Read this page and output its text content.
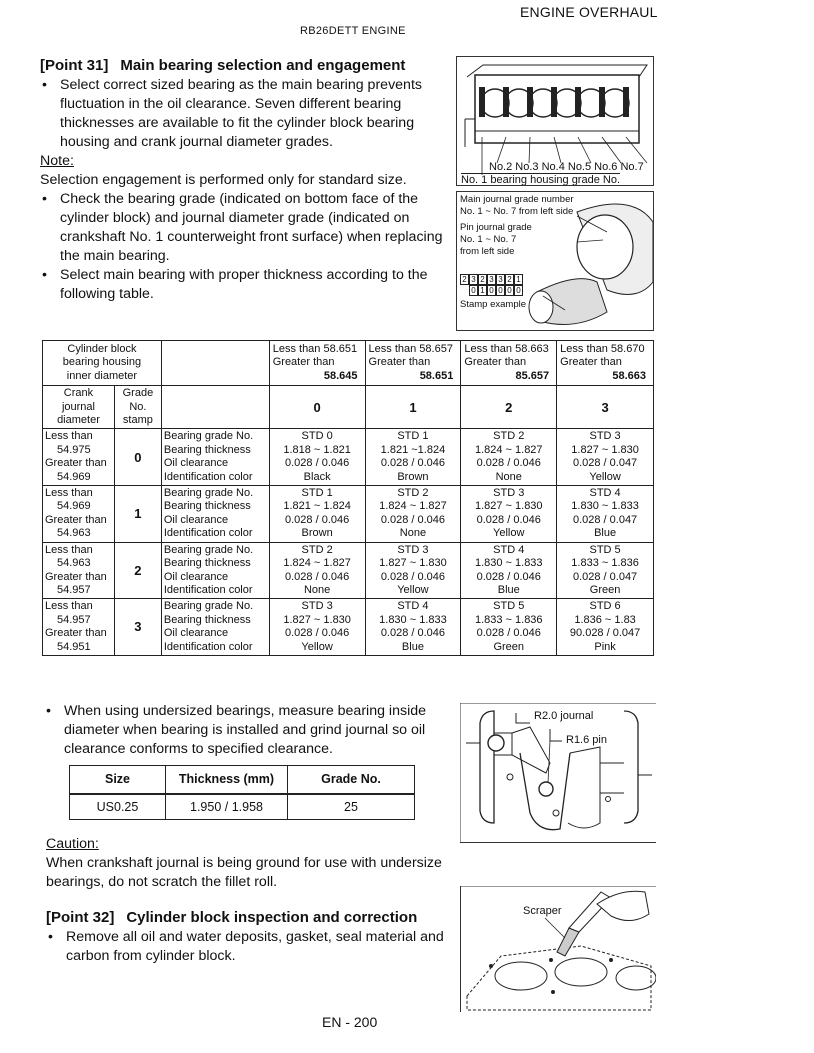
ENGINE OVERHAUL
RB26DETT ENGINE
[Point 31] Main bearing selection and engagement
• Select correct sized bearing as the main bearing prevents fluctuation in the oil clearance. Seven different bearing thicknesses are available to fit the cylinder block bearing housing and crank journal diameter grades.
Note:
Selection engagement is performed only for standard size.
• Check the bearing grade (indicated on bottom face of the cylinder block) and journal diameter grade (indicated on crankshaft No. 1 counterweight front surface) when replacing the main bearing.
• Select main bearing with proper thickness according to the following table.
No.2 No.3 No.4 No.5 No.6 No.7
No. 1 bearing housing grade No.
Main journal grade number
No. 1 ~ No. 7 from left side
Pin journal grade
No. 1 ~ No. 7
from left side
2 3 2 3 3 2 1
0 1 0 0 0 0
Stamp example
Cylinder block
bearing housing
inner diameter			Less than 58.651
Greater than
58.645	Less than 58.657
Greater than
58.651	Less than 58.663
Greater than
85.657	Less than 58.670
Greater than
58.663

Crank
journal
diameter	Grade
No.
stamp		0	1	2	3

Less than
54.975
Greater than
54.969	0	Bearing grade No.
Bearing thickness
Oil clearance
Identification color	STD 0
1.818 ~ 1.821
0.028 / 0.046
Black	STD 1
1.821 ~1.824
0.028 / 0.046
Brown	STD 2
1.824 ~ 1.827
0.028 / 0.046
None	STD 3
1.827 ~ 1.830
0.028 / 0.047
Yellow

Less than
54.969
Greater than
54.963	1	Bearing grade No.
Bearing thickness
Oil clearance
Identification color	STD 1
1.821 ~ 1.824
0.028 / 0.046
Brown	STD 2
1.824 ~ 1.827
0.028 / 0.046
None	STD 3
1.827 ~ 1.830
0.028 / 0.046
Yellow	STD 4
1.830 ~ 1.833
0.028 / 0.047
Blue

Less than
54.963
Greater than
54.957	2	Bearing grade No.
Bearing thickness
Oil clearance
Identification color	STD 2
1.824 ~ 1.827
0.028 / 0.046
None	STD 3
1.827 ~ 1.830
0.028 / 0.046
Yellow	STD 4
1.830 ~ 1.833
0.028 / 0.046
Blue	STD 5
1.833 ~ 1.836
0.028 / 0.047
Green

Less than
54.957
Greater than
54.951	3	Bearing grade No.
Bearing thickness
Oil clearance
Identification color	STD 3
1.827 ~ 1.830
0.028 / 0.046
Yellow	STD 4
1.830 ~ 1.833
0.028 / 0.046
Blue	STD 5
1.833 ~ 1.836
0.028 / 0.046
Green	STD 6
1.836 ~ 1.83
90.028 / 0.047
Pink
• When using undersized bearings, measure bearing inside diameter when bearing is installed and grind journal so oil clearance conforms to specified clearance.
Size	Thickness (mm)	Grade No.
US0.25	1.950 / 1.958	25
R2.0 journal
R1.6 pin
Caution:
When crankshaft journal is being ground for use with undersize bearings, do not scratch the fillet roll.
[Point 32] Cylinder block inspection and correction
• Remove all oil and water deposits, gasket, seal material and carbon from cylinder block.
Scraper
EN - 200
